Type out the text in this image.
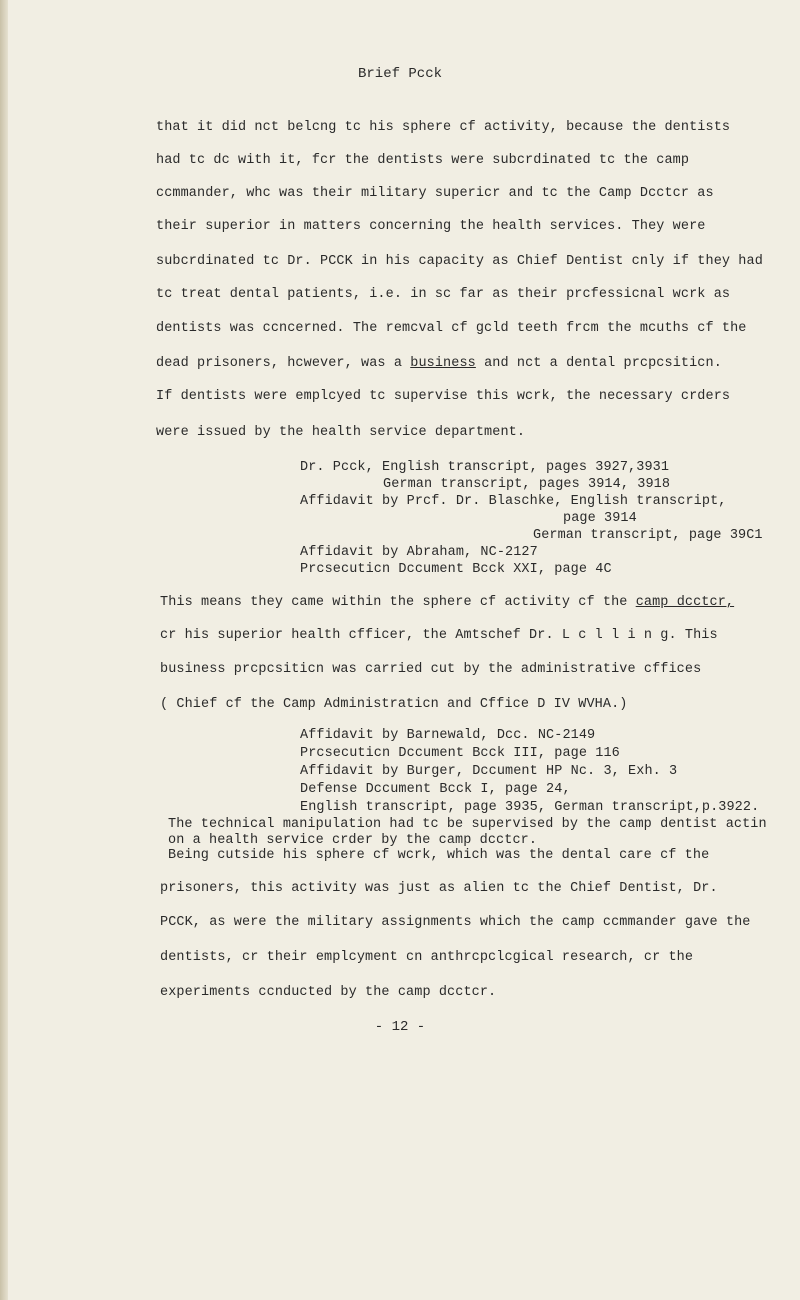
Brief Pcck
that it did nct belcng tc his sphere cf activity, because the dentists
had tc dc with it, fcr the dentists were subcrdinated tc the camp
ccmmander, whc was their military supericr and tc the Camp Dcctcr as
their superior in matters concerning the health services. They were
subcrdinated tc Dr. PCCK in his capacity as Chief Dentist cnly if they had
tc treat dental patients, i.e. in sc far as their prcfessicnal wcrk as
dentists was ccncerned. The remcval cf gcld teeth frcm the mcuths cf the
dead prisoners, hcwever, was a business and nct a dental prcpcsiticn.
If dentists were emplcyed tc supervise this wcrk, the necessary crders
were issued by the health service department.
Dr. Pcck, English transcript, pages 3927,3931
German transcript, pages 3914, 3918
Affidavit by Prcf. Dr. Blaschke, English transcript,
page 3914
German transcript, page 39C1
Affidavit by Abraham, NC-2127
Prcsecuticn Dccument Bcck XXI, page 4C
This means they came within the sphere cf activity cf the camp dcctcr,
cr his superior health cfficer, the Amtschef Dr. L c l l i n g. This
business prcpcsiticn was carried cut by the administrative cffices
( Chief cf the Camp Administraticn and Cffice D IV WVHA.)
Affidavit by Barnewald, Dcc. NC-2149
Prcsecuticn Dccument Bcck III, page 116
Affidavit by Burger, Dccument HP Nc. 3, Exh. 3
Defense Dccument Bcck I, page 24,
English transcript, page 3935, German transcript,p.3922.
The technical manipulation had tc be supervised by the camp dentist actin
on a health service crder by the camp dcctcr.
Being cutside his sphere cf wcrk, which was the dental care cf the
prisoners, this activity was just as alien tc the Chief Dentist, Dr.
PCCK, as were the military assignments which the camp ccmmander gave the
dentists, cr their emplcyment cn anthrcpclcgical research, cr the
experiments ccnducted by the camp dcctcr.
- 12 -
